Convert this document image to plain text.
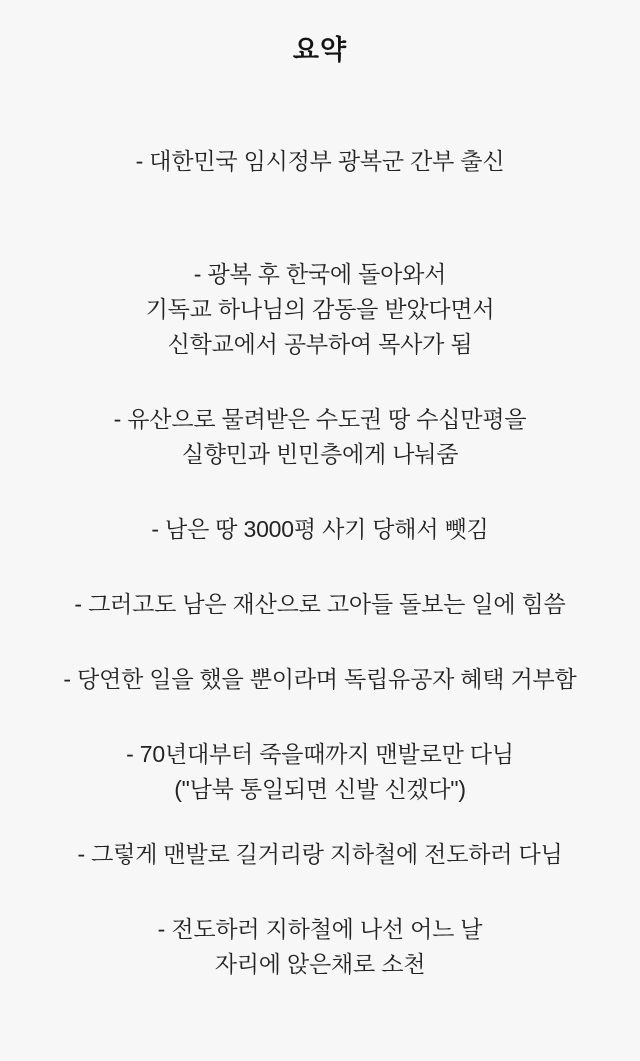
요약
- 대한민국 임시정부 광복군 간부 출신
- 광복 후 한국에 돌아와서
기독교 하나님의 감동을 받았다면서
신학교에서 공부하여 목사가 됨
- 유산으로 물려받은 수도권 땅 수십만평을
실향민과 빈민층에게 나눠줌
- 남은 땅 3000평 사기 당해서 뺏김
- 그러고도 남은 재산으로 고아들 돌보는 일에 힘씀
- 당연한 일을 했을 뿐이라며 독립유공자 혜택 거부함
- 70년대부터 죽을때까지 맨발로만 다님
("남북 통일되면 신발 신겠다")
- 그렇게 맨발로 길거리랑 지하철에 전도하러 다님
- 전도하러 지하철에 나선 어느 날
자리에 앉은채로 소천
